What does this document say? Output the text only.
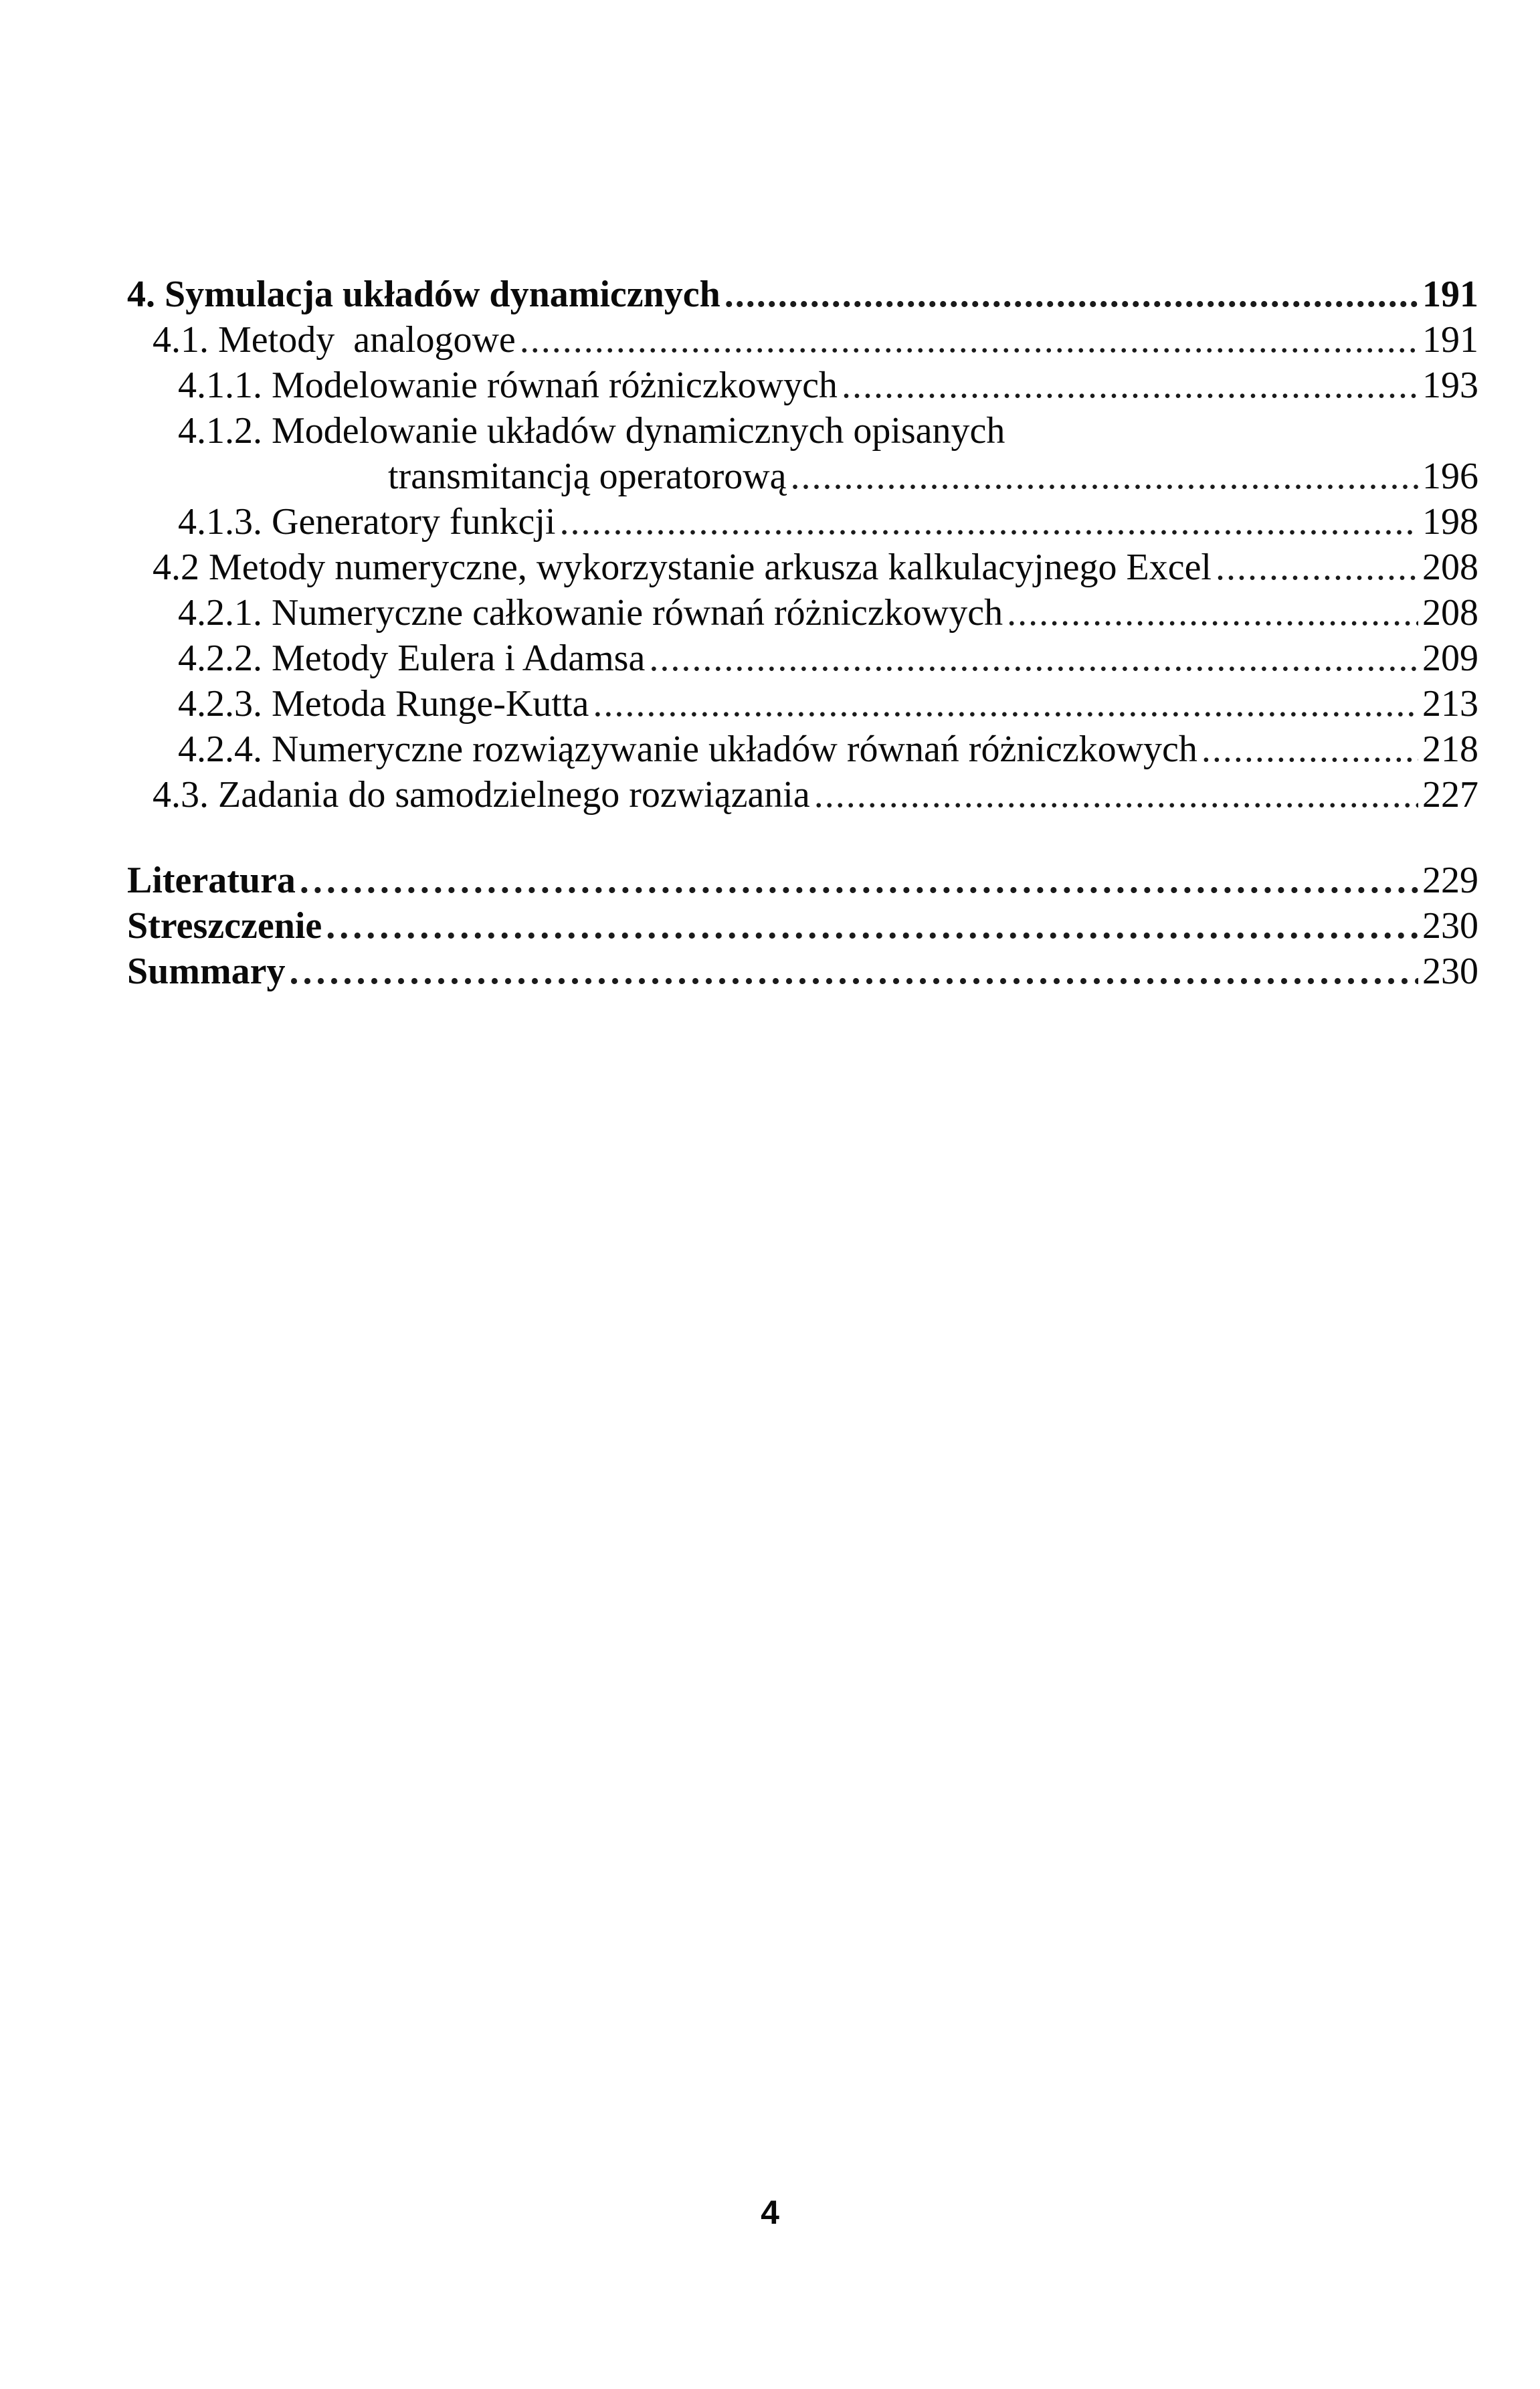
4. Symulacja układów dynamicznych . . .	191
4.1. Metody  analogowe . . .	191
4.1.1. Modelowanie równań różniczkowych . . .	193
4.1.2. Modelowanie układów dynamicznych opisanych
transmitancją operatorową . . .	196
4.1.3. Generatory funkcji . . .	198
4.2 Metody numeryczne, wykorzystanie arkusza kalkulacyjnego Excel . . .	208
4.2.1. Numeryczne całkowanie równań różniczkowych . . .	208
4.2.2. Metody Eulera i Adamsa . . .	209
4.2.3. Metoda Runge-Kutta . . .	213
4.2.4. Numeryczne rozwiązywanie układów równań różniczkowych . . .	218
4.3. Zadania do samodzielnego rozwiązania . . .	227
Literatura . . .	229
Streszczenie . . .	230
Summary . . .	230
4
